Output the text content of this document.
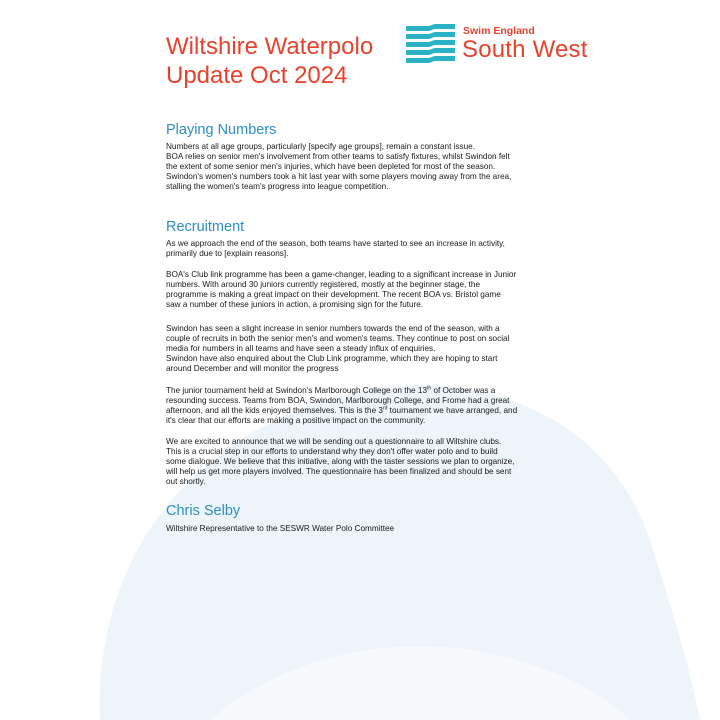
Wiltshire Waterpolo
Update Oct 2024
Swim England
South West
Playing Numbers
Numbers at all age groups, particularly [specify age groups], remain a constant issue.
BOA relies on senior men's involvement from other teams to satisfy fixtures, whilst Swindon felt
the extent of some senior men's injuries, which have been depleted for most of the season.
Swindon's women's numbers took a hit last year with some players moving away from the area,
stalling the women's team's progress into league competition.
Recruitment
As we approach the end of the season, both teams have started to see an increase in activity,
primarily due to [explain reasons].
BOA's Club link programme has been a game-changer, leading to a significant increase in Junior
numbers. With around 30 juniors currently registered, mostly at the beginner stage, the
programme is making a great impact on their development. The recent BOA vs. Bristol game
saw a number of these juniors in action, a promising sign for the future.
Swindon has seen a slight increase in senior numbers towards the end of the season, with a
couple of recruits in both the senior men's and women's teams. They continue to post on social
media for numbers in all teams and have seen a steady influx of enquiries.
Swindon have also enquired about the Club Link programme, which they are hoping to start
around December and will monitor the progress
The junior tournament held at Swindon's Marlborough College on the 13th of October was a
resounding success. Teams from BOA, Swindon, Marlborough College, and Frome had a great
afternoon, and all the kids enjoyed themselves. This is the 3rd tournament we have arranged, and
it's clear that our efforts are making a positive impact on the community.
We are excited to announce that we will be sending out a questionnaire to all Wiltshire clubs.
This is a crucial step in our efforts to understand why they don't offer water polo and to build
some dialogue. We believe that this initiative, along with the taster sessions we plan to organize,
will help us get more players involved. The questionnaire has been finalized and should be sent
out shortly.
Chris Selby

Wiltshire Representative to the SESWR Water Polo Committee
